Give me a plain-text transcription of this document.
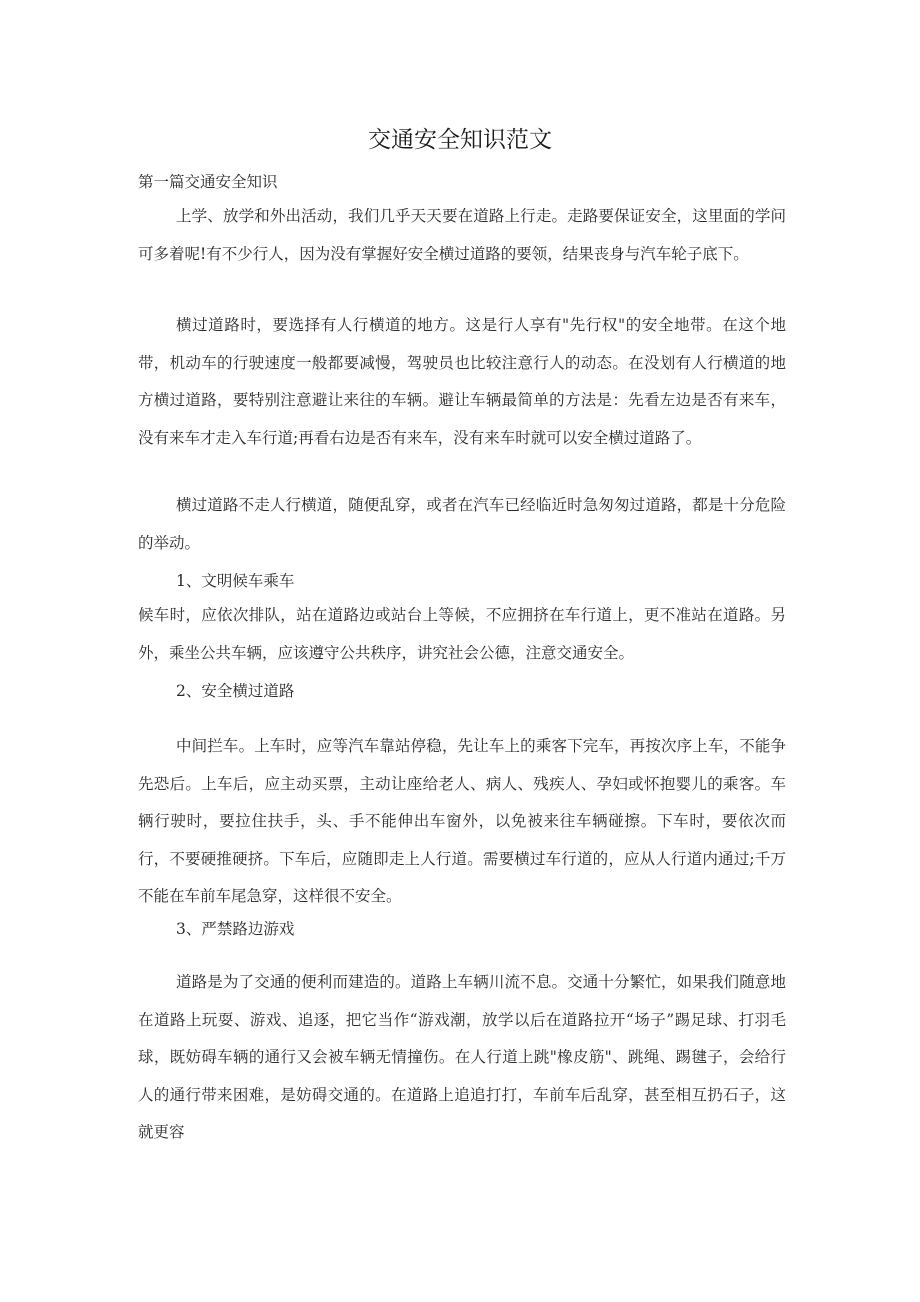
交通安全知识范文

第一篇交通安全知识

上学、放学和外出活动，我们几乎天天要在道路上行走。走路要保证安全，这里面的学问可多着呢!有不少行人，因为没有掌握好安全横过道路的要领，结果丧身与汽车轮子底下。

横过道路时，要选择有人行横道的地方。这是行人享有"先行权"的安全地带。在这个地带，机动车的行驶速度一般都要减慢，驾驶员也比较注意行人的动态。在没划有人行横道的地方横过道路，要特别注意避让来往的车辆。避让车辆最简单的方法是：先看左边是否有来车，没有来车才走入车行道;再看右边是否有来车，没有来车时就可以安全横过道路了。

横过道路不走人行横道，随便乱穿，或者在汽车已经临近时急匆匆过道路，都是十分危险的举动。

1、文明候车乘车

候车时，应依次排队，站在道路边或站台上等候，不应拥挤在车行道上，更不准站在道路。另外，乘坐公共车辆，应该遵守公共秩序，讲究社会公德，注意交通安全。

2、安全横过道路

中间拦车。上车时，应等汽车靠站停稳，先让车上的乘客下完车，再按次序上车，不能争先恐后。上车后，应主动买票，主动让座给老人、病人、残疾人、孕妇或怀抱婴儿的乘客。车辆行驶时，要拉住扶手，头、手不能伸出车窗外，以免被来往车辆碰擦。下车时，要依次而行，不要硬推硬挤。下车后，应随即走上人行道。需要横过车行道的，应从人行道内通过;千万不能在车前车尾急穿，这样很不安全。

3、严禁路边游戏

道路是为了交通的便利而建造的。道路上车辆川流不息。交通十分繁忙，如果我们随意地在道路上玩耍、游戏、追逐，把它当作“游戏潮，放学以后在道路拉开“场子”踢足球、打羽毛球，既妨碍车辆的通行又会被车辆无情撞伤。在人行道上跳"橡皮筋"、跳绳、踢毽子，会给行人的通行带来困难，是妨碍交通的。在道路上追追打打，车前车后乱穿，甚至相互扔石子，这就更容
